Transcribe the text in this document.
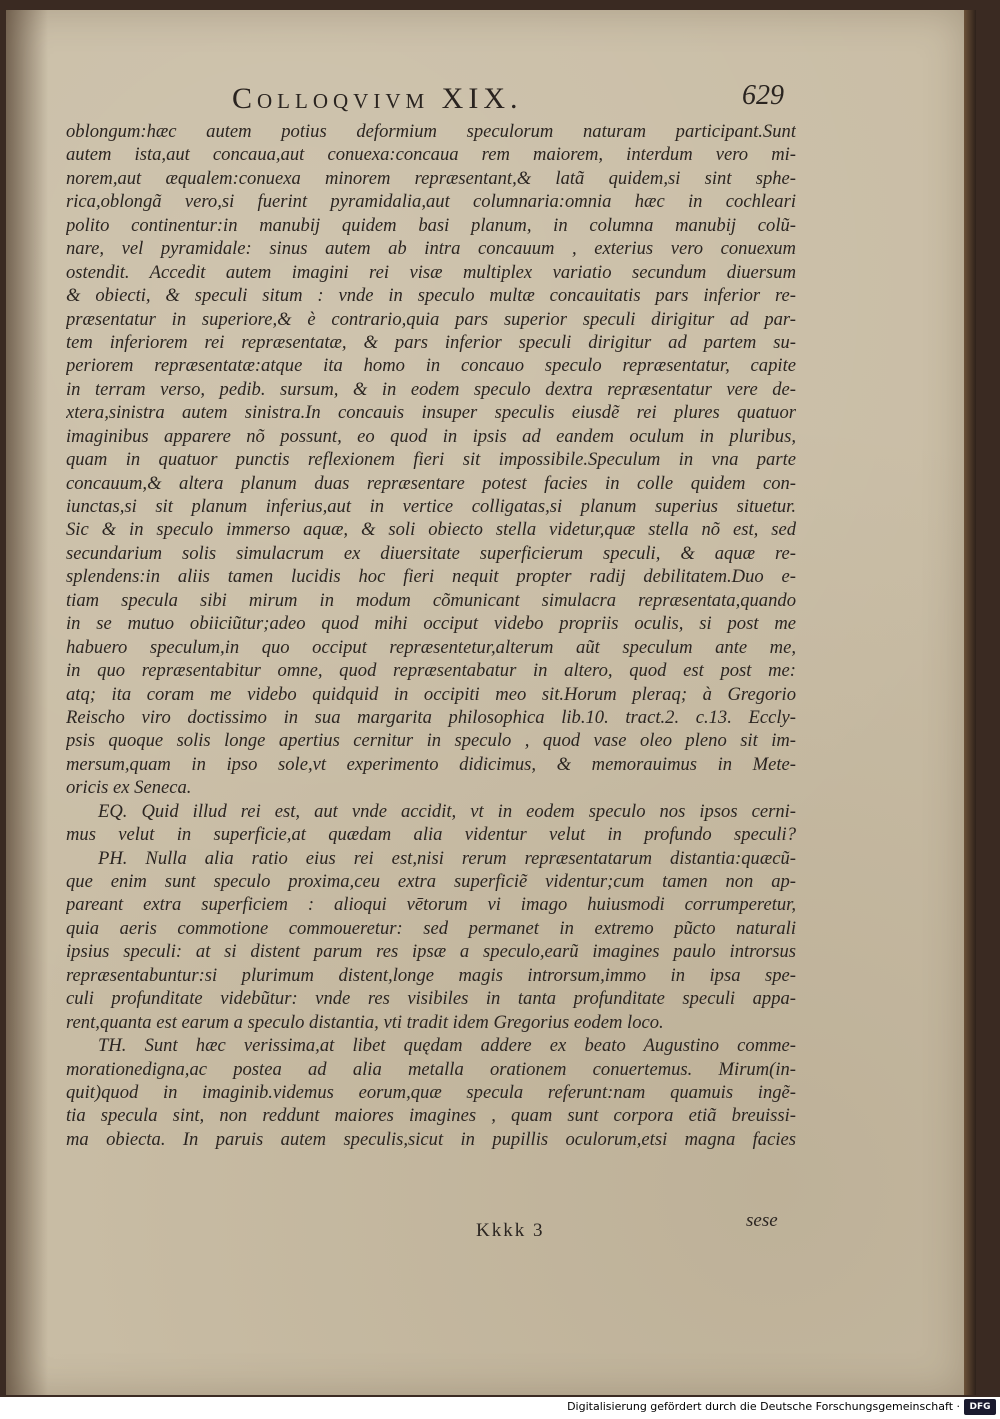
Colloqvivm XIX.	629
oblongum:hæc autem potius deformium speculorum naturam participant.Sunt
autem ista,aut concaua,aut conuexa:concaua rem maiorem, interdum vero mi-
norem,aut æqualem:conuexa minorem repræsentant,& latã quidem,si sint sphe-
rica,oblongã vero,si fuerint pyramidalia,aut columnaria:omnia hæc in cochleari
polito continentur:in manubij quidem basi planum, in columna manubij colũ-
nare, vel pyramidale: sinus autem ab intra concauum , exterius vero conuexum
ostendit. Accedit autem imagini rei visæ multiplex variatio secundum diuersum
& obiecti, & speculi situm : vnde in speculo multæ concauitatis pars inferior re-
præsentatur in superiore,& è contrario,quia pars superior speculi dirigitur ad par-
tem inferiorem rei repræsentatæ, & pars inferior speculi dirigitur ad partem su-
periorem repræsentatæ:atque ita homo in concauo speculo repræsentatur, capite
in terram verso, pedib. sursum, & in eodem speculo dextra repræsentatur vere de-
xtera,sinistra autem sinistra.In concauis insuper speculis eiusdẽ rei plures quatuor
imaginibus apparere nõ possunt, eo quod in ipsis ad eandem oculum in pluribus,
quam in quatuor punctis reflexionem fieri sit impossibile.Speculum in vna parte
concauum,& altera planum duas repræsentare potest facies in colle quidem con-
iunctas,si sit planum inferius,aut in vertice colligatas,si planum superius situetur.
Sic & in speculo immerso aquæ, & soli obiecto stella videtur,quæ stella nõ est, sed
secundarium solis simulacrum ex diuersitate superficierum speculi, & aquæ re-
splendens:in aliis tamen lucidis hoc fieri nequit propter radij debilitatem.Duo e-
tiam specula sibi mirum in modum cõmunicant simulacra repræsentata,quando
in se mutuo obiiciũtur;adeo quod mihi occiput videbo propriis oculis, si post me
habuero speculum,in quo occiput repræsentetur,alterum aũt speculum ante me,
in quo repræsentabitur omne, quod repræsentabatur in altero, quod est post me:
atq; ita coram me videbo quidquid in occipiti meo sit.Horum pleraq; à Gregorio
Reischo viro doctissimo in sua margarita philosophica lib.10. tract.2. c.13. Eccly-
psis quoque solis longe apertius cernitur in speculo , quod vase oleo pleno sit im-
mersum,quam in ipso sole,vt experimento didicimus, & memorauimus in Mete-
oricis ex Seneca.
EQ. Quid illud rei est, aut vnde accidit, vt in eodem speculo nos ipsos cerni-
mus velut in superficie,at quædam alia videntur velut in profundo speculi?
PH. Nulla alia ratio eius rei est,nisi rerum repræsentatarum distantia:quæcũ-
que enim sunt speculo proxima,ceu extra superficiẽ videntur;cum tamen non ap-
pareant extra superficiem : alioqui vētorum vi imago huiusmodi corrumperetur,
quia aeris commotione commoueretur: sed permanet in extremo pũcto naturali
ipsius speculi: at si distent parum res ipsæ a speculo,earũ imagines paulo introrsus
repræsentabuntur:si plurimum distent,longe magis introrsum,immo in ipsa spe-
culi profunditate videbũtur: vnde res visibiles in tanta profunditate speculi appa-
rent,quanta est earum a speculo distantia, vti tradit idem Gregorius eodem loco.
TH. Sunt hæc verissima,at libet quędam addere ex beato Augustino comme-
morationedigna,ac postea ad alia metalla orationem conuertemus. Mirum(in-
quit)quod in imaginib.videmus eorum,quæ specula referunt:nam quamuis ingẽ-
tia specula sint, non reddunt maiores imagines , quam sunt corpora etiã breuissi-
ma obiecta. In paruis autem speculis,sicut in pupillis oculorum,etsi magna facies
sese
Kkkk 3
Digitalisierung gefördert durch die Deutsche Forschungsgemeinschaft ·	DFG
